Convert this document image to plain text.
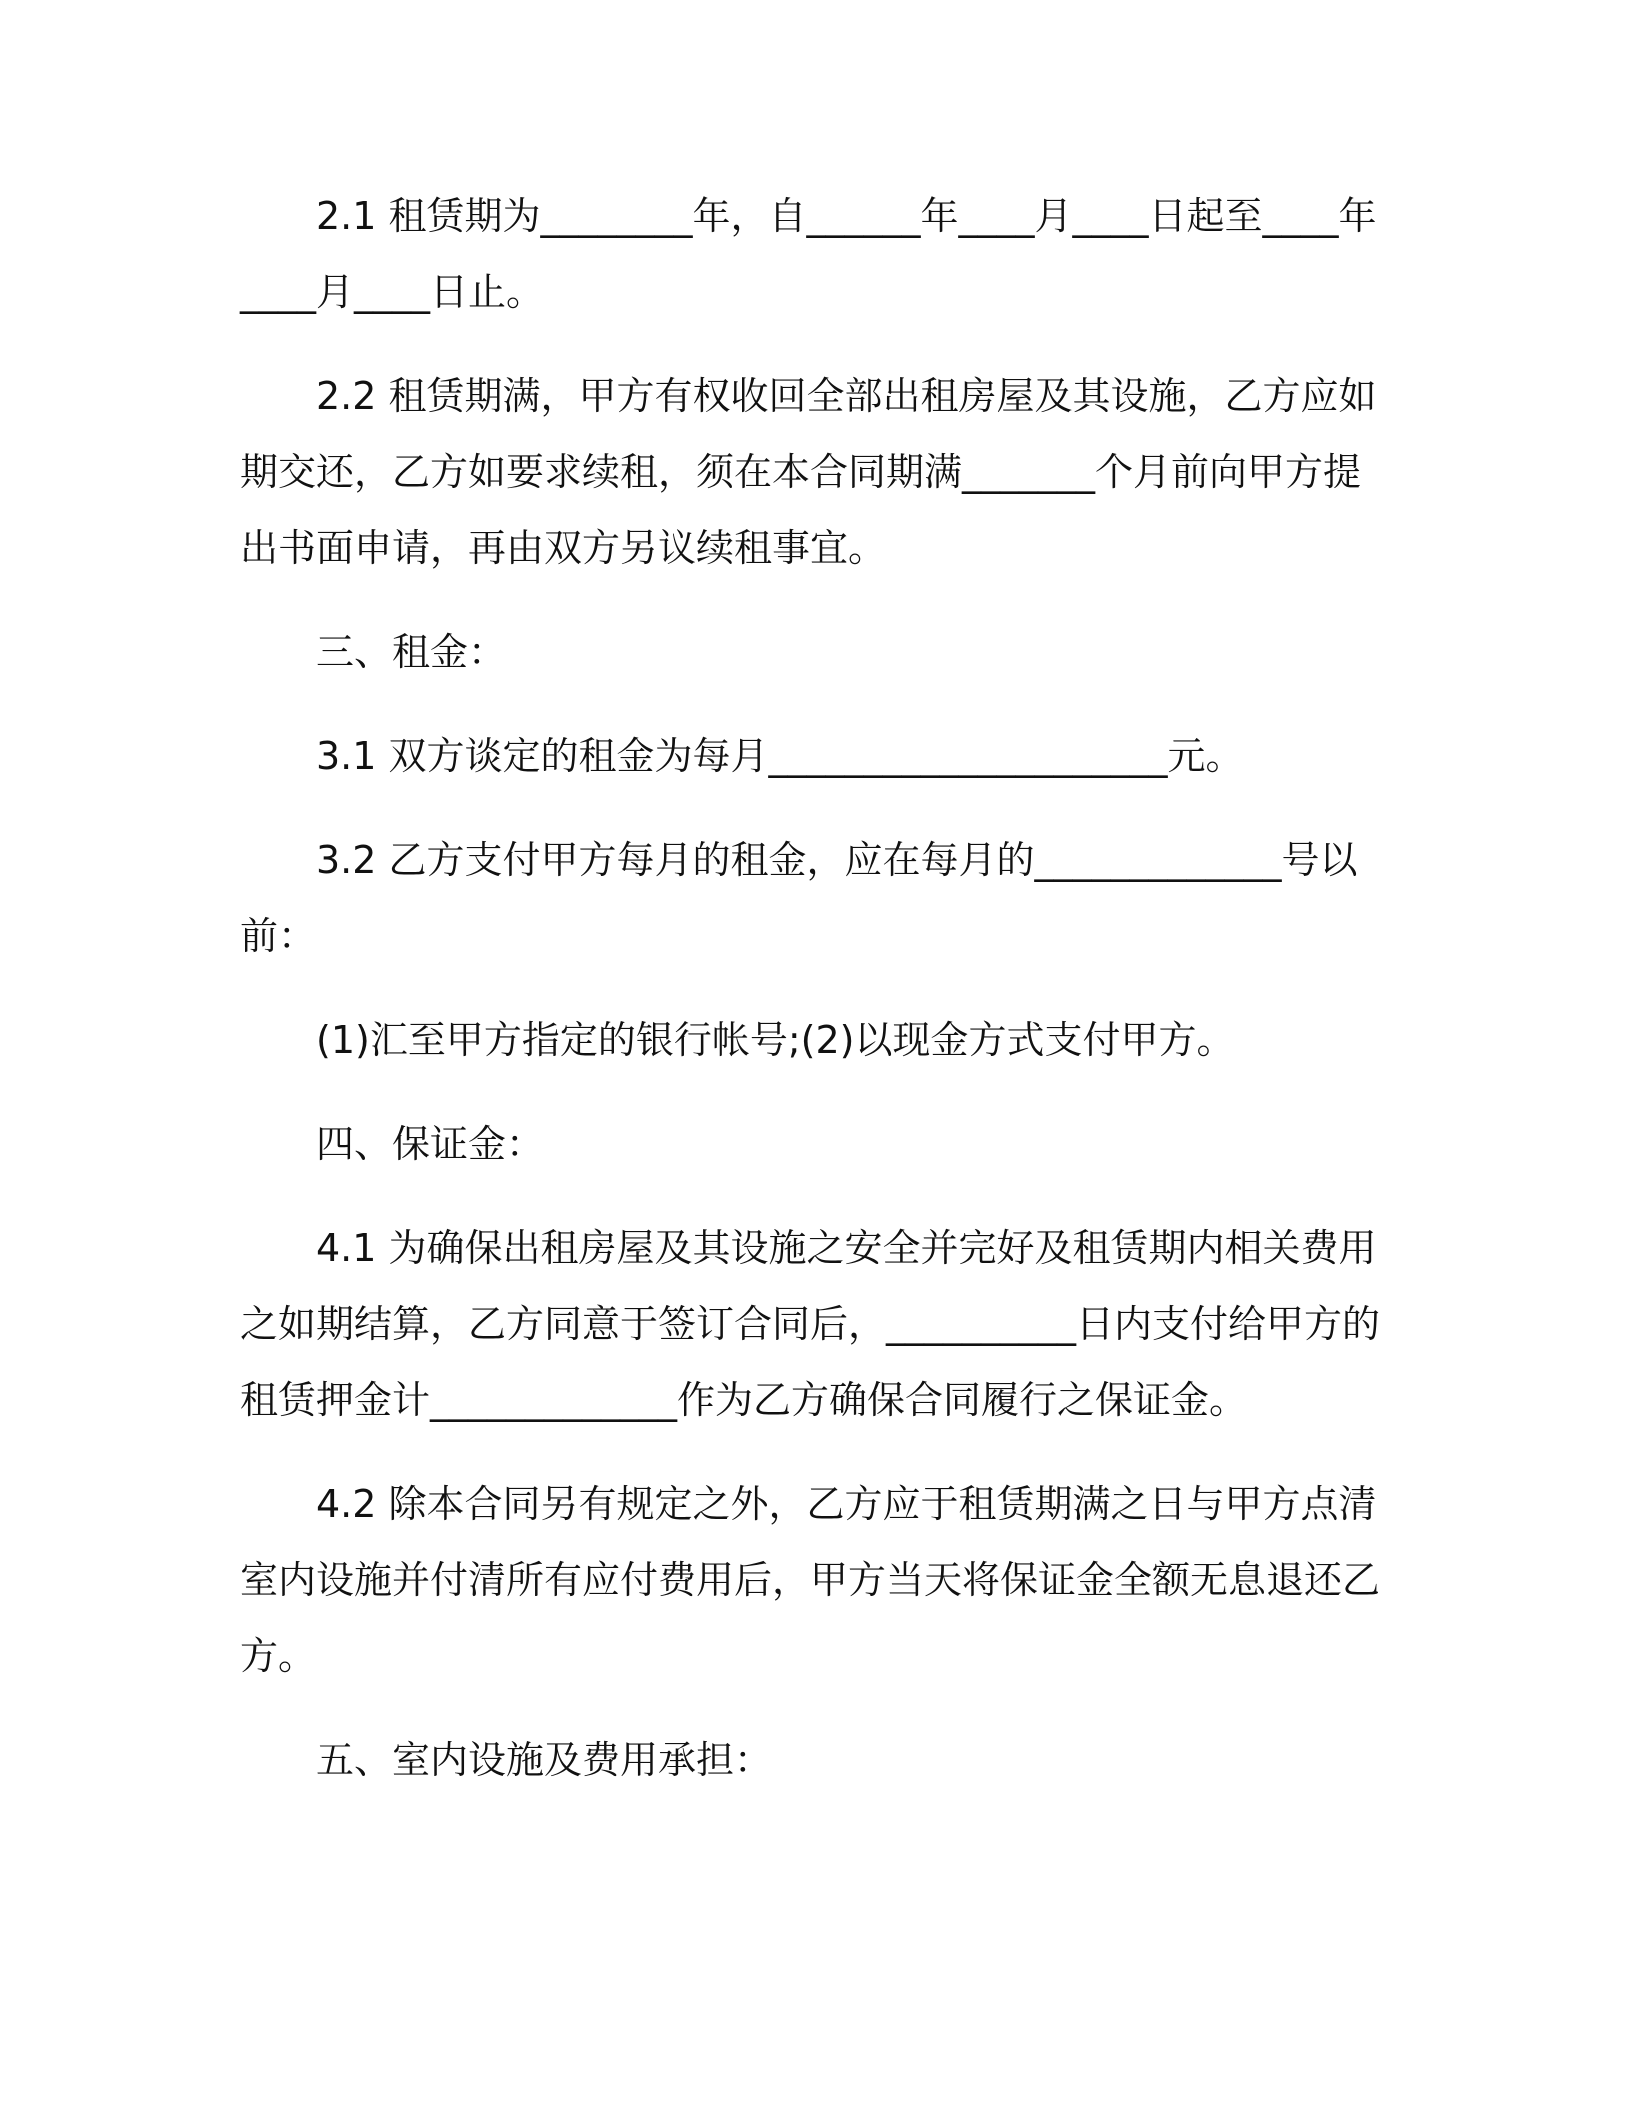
2.1 租赁期为________年，自______年____月____日起至____年____月____日止。

2.2 租赁期满，甲方有权收回全部出租房屋及其设施，乙方应如期交还，乙方如要求续租，须在本合同期满_______个月前向甲方提出书面申请，再由双方另议续租事宜。

三、租金：

3.1 双方谈定的租金为每月_____________________元。

3.2 乙方支付甲方每月的租金，应在每月的_____________号以前：

(1)汇至甲方指定的银行帐号;(2)以现金方式支付甲方。

四、保证金：

4.1 为确保出租房屋及其设施之安全并完好及租赁期内相关费用之如期结算，乙方同意于签订合同后，__________日内支付给甲方的租赁押金计_____________作为乙方确保合同履行之保证金。

4.2 除本合同另有规定之外，乙方应于租赁期满之日与甲方点清室内设施并付清所有应付费用后，甲方当天将保证金全额无息退还乙方。

五、室内设施及费用承担：
